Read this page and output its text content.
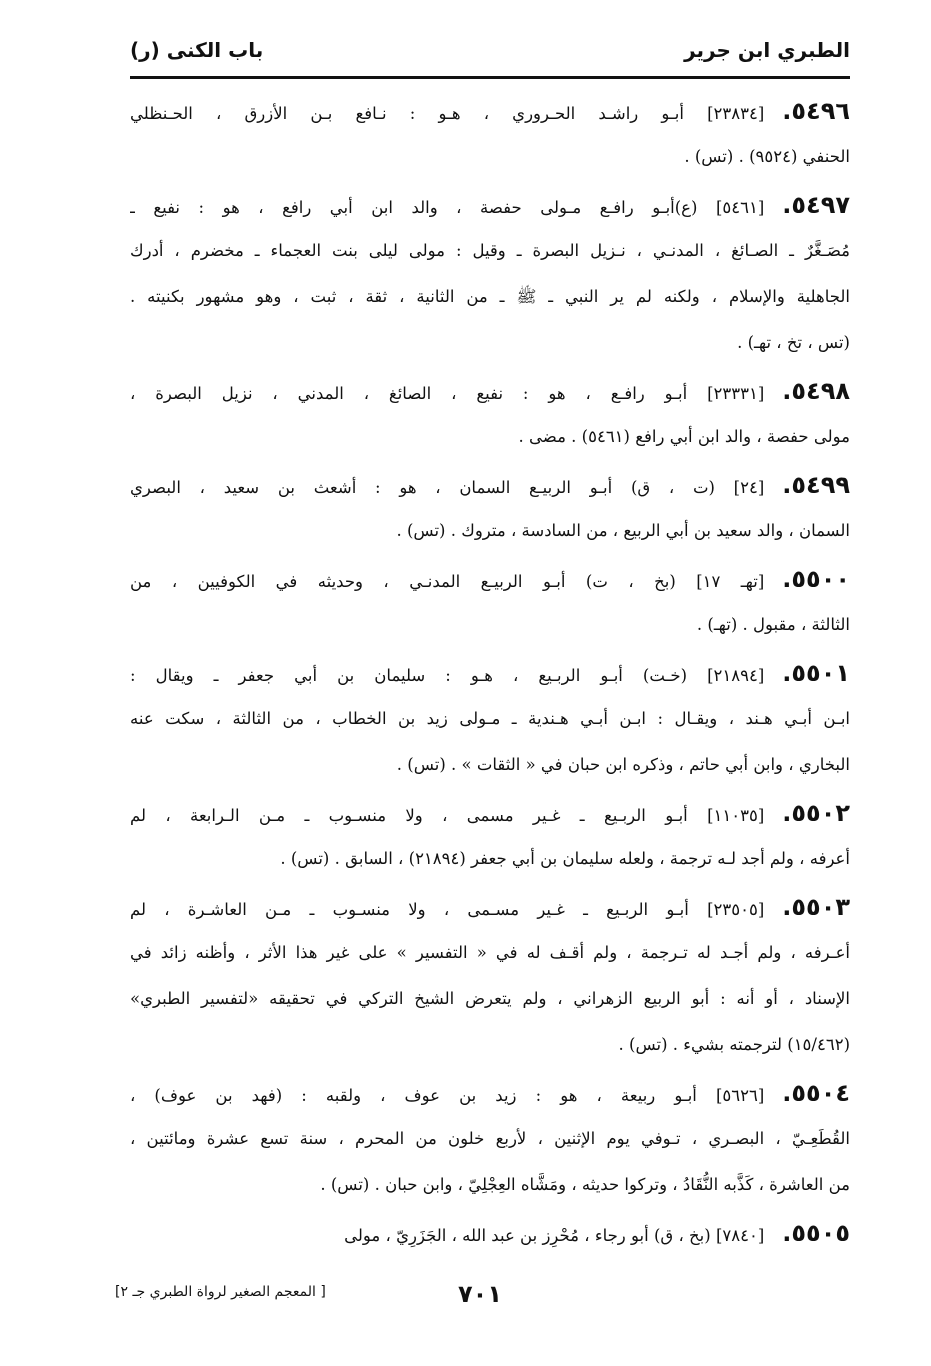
الطبري ابن جرير
باب الكنى (ر)
٥٤٩٦.[٢٣٨٣٤] أبـو راشـد الحـروري ، هـو : نـافع بـن الأزرق ، الحـنظلي
الحنفي (٩٥٢٤) . (تس) .
٥٤٩٧.[٥٤٦١] (ع)أبـو رافـع مـولى حفصة ، والد ابن أبي رافع ، هو : نفيع ـ
مُصَـغَّرٌ ـ الصـائغ ، المدنـي ، نـزيل البصرة ـ وقيل : مولى ليلى بنت العجماء ـ مخضرم ، أدرك
الجاهلية والإسلام ، ولكنه لم ير النبي ـ ﷺ ـ من الثانية ، ثقة ، ثبت ، وهو مشهور بكنيته .
(تس ، تخ ، تهـ) .
٥٤٩٨.[٢٣٣٣١] أبـو رافـع ، هو : نفيع ، الصائغ ، المدني ، نزيل البصرة ،
مولى حفصة ، والد ابن أبي رافع (٥٤٦١) . مضى .
٥٤٩٩.[٢٤] (ت ، ق) أبـو الربيـع السمان ، هو : أشعث بن سعيد ، البصري
السمان ، والد سعيد بن أبي الربيع ، من السادسة ، متروك . (تس) .
٥٥٠٠.[تهـ ١٧] (بخ ، ت) أبـو الربيـع المدنـي ، وحديثه في الكوفيين ، من
الثالثة ، مقبول . (تهـ) .
٥٥٠١.[٢١٨٩٤] (خـت) أبـو الربـيع ، هـو : سليمان بن أبي جعفر ـ ويقال :
ابـن أبـي هـند ، ويقـال : ابـن أبـي هـندية ـ مـولى زيد بن الخطاب ، من الثالثة ، سكت عنه
البخاري ، وابن أبي حاتم ، وذكره ابن حبان في « الثقات » . (تس) .
٥٥٠٢.[١١٠٣٥] أبـو الربـيع ـ غـير مسمى ، ولا منسـوب ـ مـن الـرابعة ، لم
أعرفه ، ولم أجد لـه ترجمة ، ولعله سليمان بن أبي جعفر (٢١٨٩٤) ، السابق . (تس) .
٥٥٠٣.[٢٣٥٠٥] أبـو الربـيع ـ غـير مسـمى ، ولا منسـوب ـ مـن العاشـرة ، لم
أعـرفه ، ولم أجـد له تـرجمة ، ولم أقـف له في « التفسير » على غير هذا الأثر ، وأظنه زائد في
الإسناد ، أو أنه : أبو الربيع الزهراني ، ولم يتعرض الشيخ التركي في تحقيقه «لتفسير الطبري»
(١٥/٤٦٢) لترجمته بشيء . (تس) .
٥٥٠٤.[٥٦٢٦] أبـو ربيعة ، هو : زيد بن عوف ، ولقبه : (فهد بن عوف) ،
القُطَعِـيّ ، البصـري ، تـوفي يوم الإثنين ، لأربع خلون من المحرم ، سنة تسع عشرة ومائتين ،
من العاشرة ، كَذَّبه النُّقَادُ ، وتركوا حديثه ، ومَشَّاه العِجْلِيّ ، وابن حبان . (تس) .
٥٥٠٥.[٧٨٤٠] (بخ ، ق) أبو رجاء ، مُحْرِز بن عبد الله ، الجَزَرِيّ ، مولى
٧٠١
[ المعجم الصغير لرواة الطبري جـ ٢]
